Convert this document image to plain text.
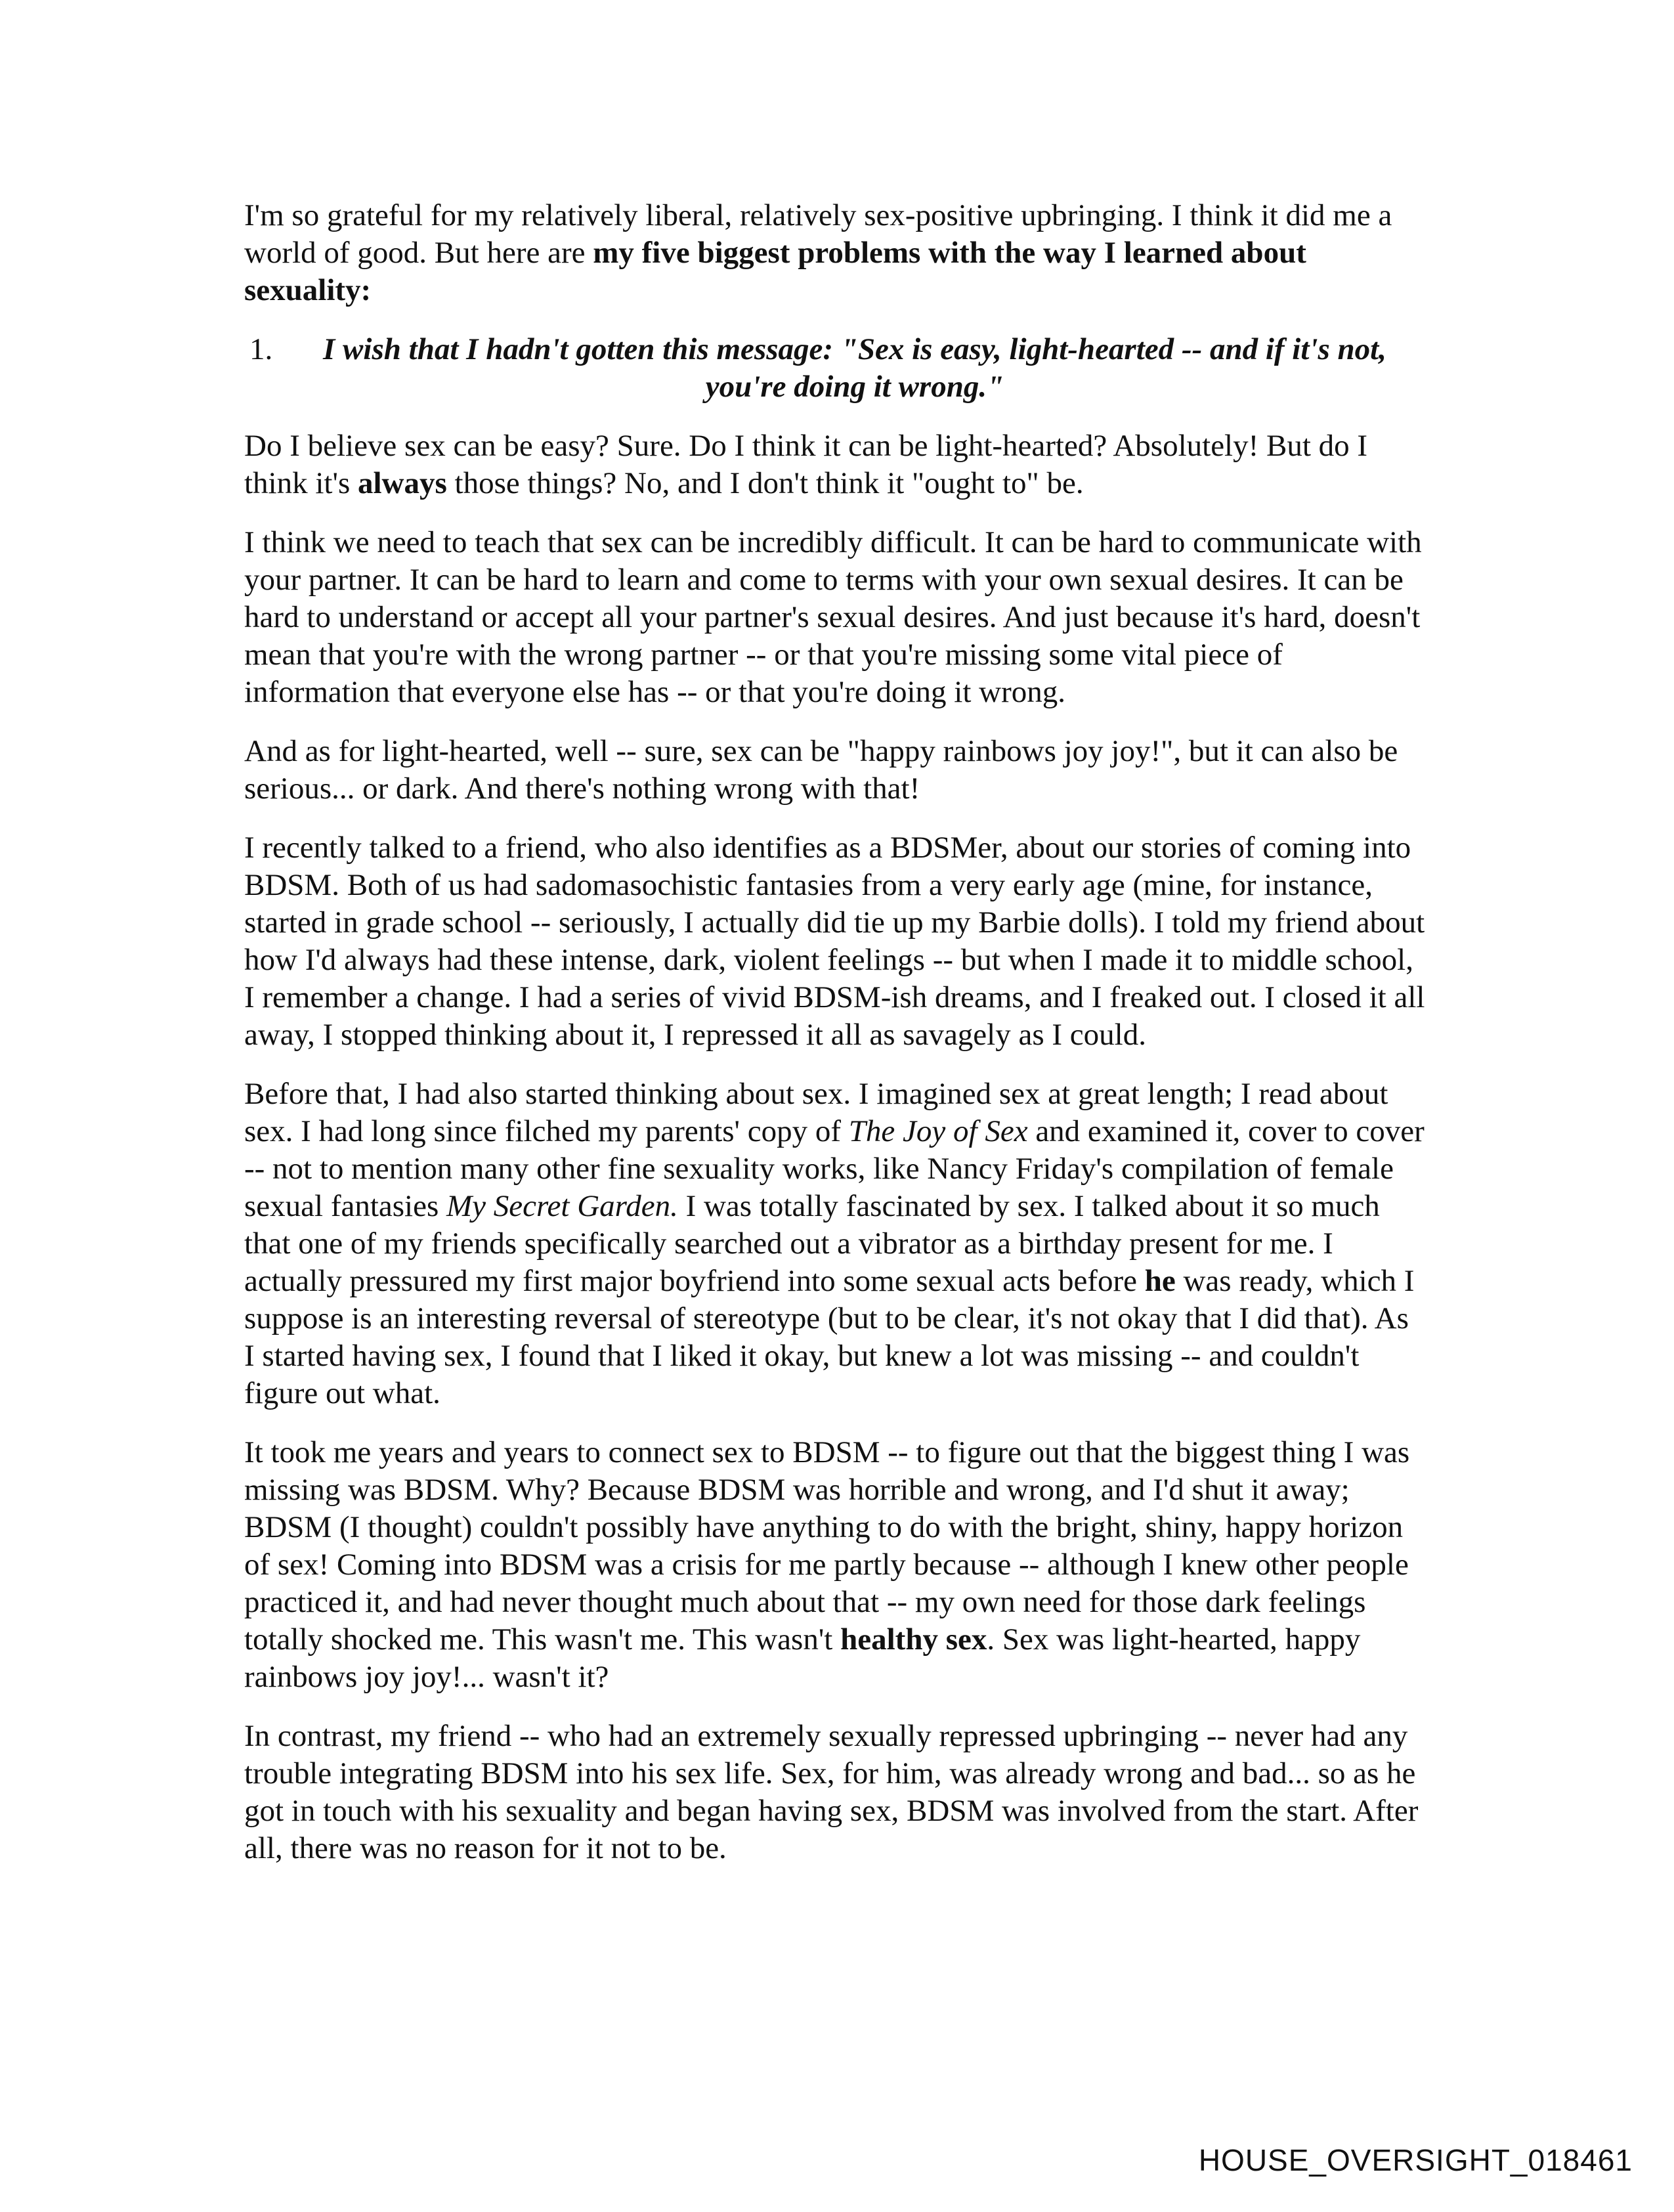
I'm so grateful for my relatively liberal, relatively sex-positive upbringing. I think it did me a world of good. But here are my five biggest problems with the way I learned about sexuality:

1. I wish that I hadn't gotten this message: "Sex is easy, light-hearted -- and if it's not, you're doing it wrong."

Do I believe sex can be easy? Sure. Do I think it can be light-hearted? Absolutely! But do I think it's always those things? No, and I don't think it "ought to" be.

I think we need to teach that sex can be incredibly difficult. It can be hard to communicate with your partner. It can be hard to learn and come to terms with your own sexual desires. It can be hard to understand or accept all your partner's sexual desires. And just because it's hard, doesn't mean that you're with the wrong partner -- or that you're missing some vital piece of information that everyone else has -- or that you're doing it wrong.

And as for light-hearted, well -- sure, sex can be "happy rainbows joy joy!", but it can also be serious... or dark. And there's nothing wrong with that!

I recently talked to a friend, who also identifies as a BDSMer, about our stories of coming into BDSM. Both of us had sadomasochistic fantasies from a very early age (mine, for instance, started in grade school -- seriously, I actually did tie up my Barbie dolls). I told my friend about how I'd always had these intense, dark, violent feelings -- but when I made it to middle school, I remember a change. I had a series of vivid BDSM-ish dreams, and I freaked out. I closed it all away, I stopped thinking about it, I repressed it all as savagely as I could.

Before that, I had also started thinking about sex. I imagined sex at great length; I read about sex. I had long since filched my parents' copy of The Joy of Sex and examined it, cover to cover -- not to mention many other fine sexuality works, like Nancy Friday's compilation of female sexual fantasies My Secret Garden. I was totally fascinated by sex. I talked about it so much that one of my friends specifically searched out a vibrator as a birthday present for me. I actually pressured my first major boyfriend into some sexual acts before he was ready, which I suppose is an interesting reversal of stereotype (but to be clear, it's not okay that I did that). As I started having sex, I found that I liked it okay, but knew a lot was missing -- and couldn't figure out what.

It took me years and years to connect sex to BDSM -- to figure out that the biggest thing I was missing was BDSM. Why? Because BDSM was horrible and wrong, and I'd shut it away; BDSM (I thought) couldn't possibly have anything to do with the bright, shiny, happy horizon of sex! Coming into BDSM was a crisis for me partly because -- although I knew other people practiced it, and had never thought much about that -- my own need for those dark feelings totally shocked me. This wasn't me. This wasn't healthy sex. Sex was light-hearted, happy rainbows joy joy!... wasn't it?

In contrast, my friend -- who had an extremely sexually repressed upbringing -- never had any trouble integrating BDSM into his sex life. Sex, for him, was already wrong and bad... so as he got in touch with his sexuality and began having sex, BDSM was involved from the start. After all, there was no reason for it not to be.

HOUSE_OVERSIGHT_018461
